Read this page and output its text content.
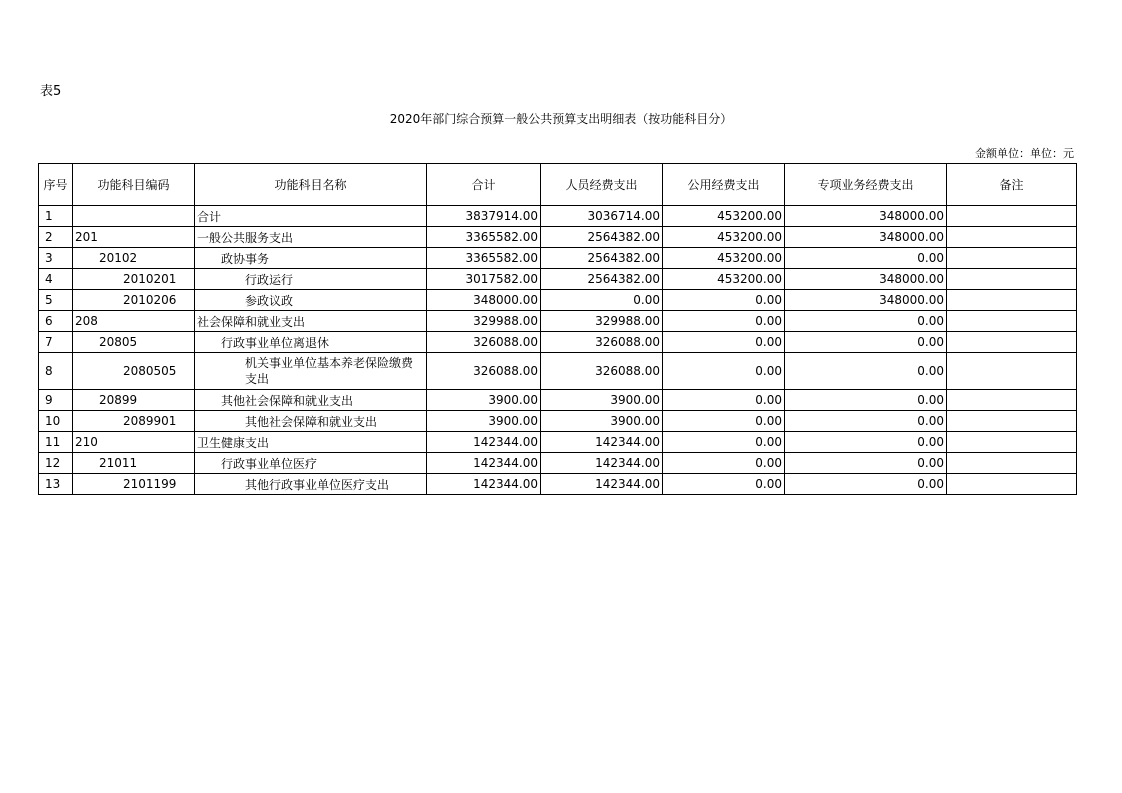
表5
2020年部门综合预算一般公共预算支出明细表（按功能科目分）
金额单位：单位：元
序号	功能科目编码	功能科目名称	合计	人员经费支出	公用经费支出	专项业务经费支出	备注
1		合计	3837914.00	3036714.00	453200.00	348000.00	
2	201	一般公共服务支出	3365582.00	2564382.00	453200.00	348000.00	
3	20102	政协事务	3365582.00	2564382.00	453200.00	0.00	
4	2010201	行政运行	3017582.00	2564382.00	453200.00	348000.00	
5	2010206	参政议政	348000.00	0.00	0.00	348000.00	
6	208	社会保障和就业支出	329988.00	329988.00	0.00	0.00	
7	20805	行政事业单位离退休	326088.00	326088.00	0.00	0.00	
8	2080505	机关事业单位基本养老保险缴费支出	326088.00	326088.00	0.00	0.00	
9	20899	其他社会保障和就业支出	3900.00	3900.00	0.00	0.00	
10	2089901	其他社会保障和就业支出	3900.00	3900.00	0.00	0.00	
11	210	卫生健康支出	142344.00	142344.00	0.00	0.00	
12	21011	行政事业单位医疗	142344.00	142344.00	0.00	0.00	
13	2101199	其他行政事业单位医疗支出	142344.00	142344.00	0.00	0.00	
